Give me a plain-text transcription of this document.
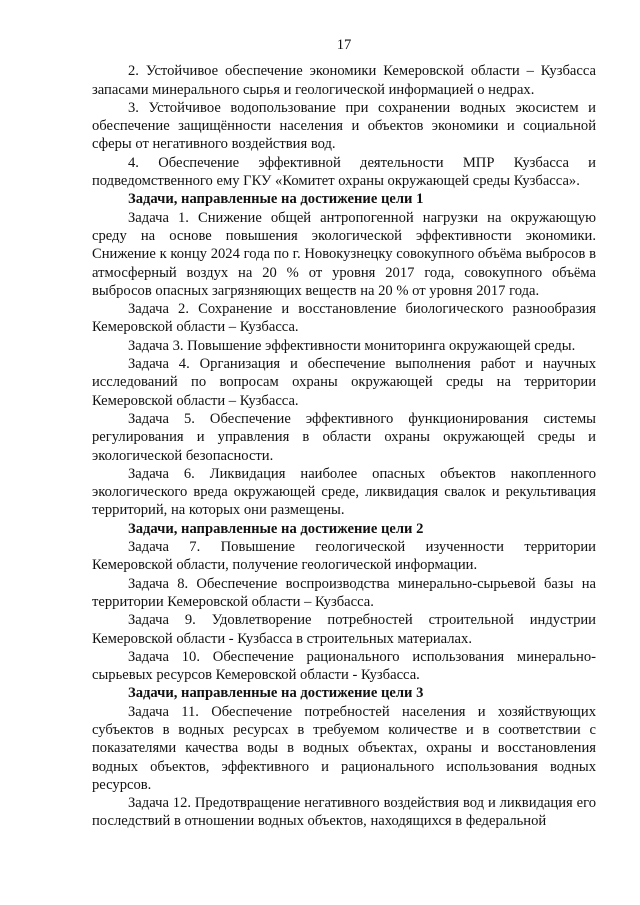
17

2. Устойчивое обеспечение экономики Кемеровской области – Кузбасса запасами минерального сырья и геологической информацией о недрах.

3. Устойчивое водопользование при сохранении водных экосистем и обеспечение защищённости населения и объектов экономики и социальной сферы от негативного воздействия вод.

4. Обеспечение эффективной деятельности МПР Кузбасса и подведомственного ему ГКУ «Комитет охраны окружающей среды Кузбасса».

Задачи, направленные на достижение цели 1

Задача 1. Снижение общей антропогенной нагрузки на окружающую среду на основе повышения экологической эффективности экономики. Снижение к концу 2024 года по г. Новокузнецку совокупного объёма выбросов в атмосферный воздух на 20 % от уровня 2017 года, совокупного объёма выбросов опасных загрязняющих веществ на 20 % от уровня 2017 года.

Задача 2. Сохранение и восстановление биологического разнообразия Кемеровской области – Кузбасса.

Задача 3. Повышение эффективности мониторинга окружающей среды.

Задача 4. Организация и обеспечение выполнения работ и научных исследований по вопросам охраны окружающей среды на территории Кемеровской области – Кузбасса.

Задача 5. Обеспечение эффективного функционирования системы регулирования и управления в области охраны окружающей среды и экологической безопасности.

Задача 6. Ликвидация наиболее опасных объектов накопленного экологического вреда окружающей среде, ликвидация свалок и рекультивация территорий, на которых они размещены.

Задачи, направленные на достижение цели 2

Задача 7. Повышение геологической изученности территории Кемеровской области, получение геологической информации.

Задача 8. Обеспечение воспроизводства минерально-сырьевой базы на территории Кемеровской области – Кузбасса.

Задача 9. Удовлетворение потребностей строительной индустрии Кемеровской области - Кузбасса в строительных материалах.

Задача 10. Обеспечение рационального использования минерально-сырьевых ресурсов Кемеровской области - Кузбасса.

Задачи, направленные на достижение цели 3

Задача 11. Обеспечение потребностей населения и хозяйствующих субъектов в водных ресурсах в требуемом количестве и в соответствии с показателями качества воды в водных объектах, охраны и восстановления водных объектов, эффективного и рационального использования водных ресурсов.

Задача 12. Предотвращение негативного воздействия вод и ликвидация его последствий в отношении водных объектов, находящихся в федеральной
